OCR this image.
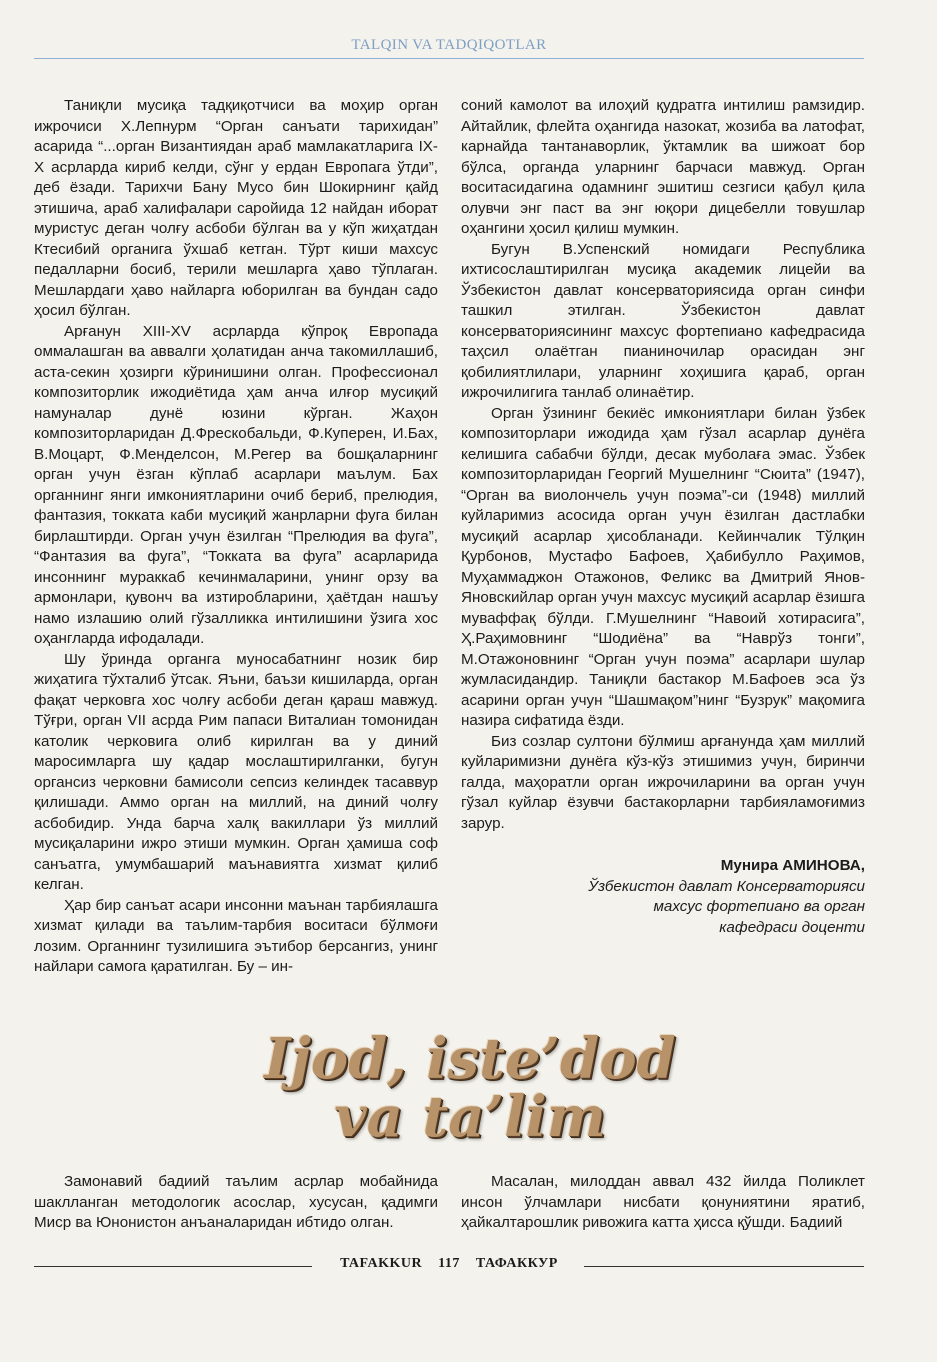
TALQIN VA TADQIQOTLAR

Таниқли мусиқа тадқиқотчиси ва моҳир орган ижрочиси Х.Лепнурм “Орган санъати тарихидан” асарида “...орган Византиядан араб мамлакатларига IX-X асрларда кириб келди, сўнг у ердан Европага ўтди”, деб ёзади. Тарихчи Бану Мусо бин Шокирнинг қайд этишича, араб халифалари саройида 12 найдан иборат муристус деган чолғу асбоби бўлган ва у кўп жиҳатдан Ктесибий органига ўхшаб кетган. Тўрт киши махсус педалларни босиб, терили мешларга ҳаво тўплаган. Мешлардаги ҳаво найларга юборилган ва бундан садо ҳосил бўлган.

Арғанун XIII-XV асрларда кўпроқ Европада оммалашган ва аввалги ҳолатидан анча такомиллашиб, аста-секин ҳозирги кўринишини олган. Профессионал композиторлик ижодиётида ҳам анча илғор мусиқий намуналар дунё юзини кўрган. Жаҳон композиторларидан Д.Фрескобальди, Ф.Куперен, И.Бах, В.Моцарт, Ф.Менделсон, М.Регер ва бошқаларнинг орган учун ёзган кўплаб асарлари маълум. Бах органнинг янги имкониятларини очиб бериб, прелюдия, фантазия, токката каби мусиқий жанрларни фуга билан бирлаштирди. Орган учун ёзилган “Прелюдия ва фуга”, “Фантазия ва фуга”, “Токката ва фуга” асарларида инсоннинг мураккаб кечинмаларини, унинг орзу ва армонлари, қувонч ва изтиробларини, ҳаётдан нашъу намо излашию олий гўзалликка интилишини ўзига хос оҳангларда ифодалади.

Шу ўринда органга муносабатнинг нозик бир жиҳатига тўхталиб ўтсак. Яъни, баъзи кишиларда, орган фақат черковга хос чолғу асбоби деган қараш мавжуд. Тўғри, орган VII асрда Рим папаси Виталиан томонидан католик черковига олиб кирилган ва у диний маросимларга шу қадар мослаштирилганки, бугун органсиз черковни бамисоли сепсиз келиндек тасаввур қилишади. Аммо орган на миллий, на диний чолғу асбобидир. Унда барча халқ вакиллари ўз миллий мусиқаларини ижро этиши мумкин. Орган ҳамиша соф санъатга, умумбашарий маънавиятга хизмат қилиб келган.

Ҳар бир санъат асари инсонни маънан тарбиялашга хизмат қилади ва таълим-тарбия воситаси бўлмоғи лозим. Органнинг тузилишига эътибор берсангиз, унинг найлари самога қаратилган. Бу – ин-

соний камолот ва илоҳий қудратга интилиш рамзидир. Айтайлик, флейта оҳангида назокат, жозиба ва латофат, карнайда тантанаворлик, ўктамлик ва шижоат бор бўлса, органда уларнинг барчаси мавжуд. Орган воситасидагина одамнинг эшитиш сезгиси қабул қила олувчи энг паст ва энг юқори дицебелли товушлар оҳангини ҳосил қилиш мумкин.

Бугун В.Успенский номидаги Республика ихтисослаштирилган мусиқа академик лицейи ва Ўзбекистон давлат консерваториясида орган синфи ташкил этилган. Ўзбекистон давлат консерваториясининг махсус фортепиано кафедрасида таҳсил олаётган пианиночилар орасидан энг қобилиятлилари, уларнинг хоҳишига қараб, орган ижрочилигига танлаб олинаётир.

Орган ўзининг бекиёс имкониятлари билан ўзбек композиторлари ижодида ҳам гўзал асарлар дунёга келишига сабабчи бўлди, десак муболаға эмас. Ўзбек композиторларидан Георгий Мушелнинг “Сюита” (1947), “Орган ва виолончель учун поэма”-си (1948) миллий куйларимиз асосида орган учун ёзилган дастлабки мусиқий асарлар ҳисобланади. Кейинчалик Тўлқин Қурбонов, Мустафо Бафоев, Ҳабибулло Раҳимов, Муҳаммаджон Отажонов, Феликс ва Дмитрий Янов-Яновскийлар орган учун махсус мусиқий асарлар ёзишга муваффақ бўлди. Г.Мушелнинг “Навоий хотирасига”, Ҳ.Раҳимовнинг “Шодиёна” ва “Наврўз тонги”, М.Отажоновнинг “Орган учун поэма” асарлари шулар жумласидандир. Таниқли бастакор М.Бафоев эса ўз асарини орган учун “Шашмақом”нинг “Бузрук” мақомига назира сифатида ёзди.

Биз созлар султони бўлмиш арғанунда ҳам миллий куйларимизни дунёга кўз-кўз этишимиз учун, биринчи галда, маҳоратли орган ижрочиларини ва орган учун гўзал куйлар ёзувчи бастакорларни тарбияламоғимиз зарур.

Мунира АМИНОВА,
Ўзбекистон давлат Консерваторияси
махсус фортепиано ва орган
кафедраси доценти
Ijod, iste’dod
va ta’lim

Замонавий бадиий таълим асрлар мобайнида шаклланган методологик асослар, хусусан, қадимги Миср ва Юнонистон анъаналаридан ибтидо олган.

Масалан, милоддан аввал 432 йилда Поликлет инсон ўлчамлари нисбати қонуниятини яратиб, ҳайкалтарошлик ривожига катта ҳисса қўшди. Бадиий

TAFAKKUR 117 ТАФАККУР
